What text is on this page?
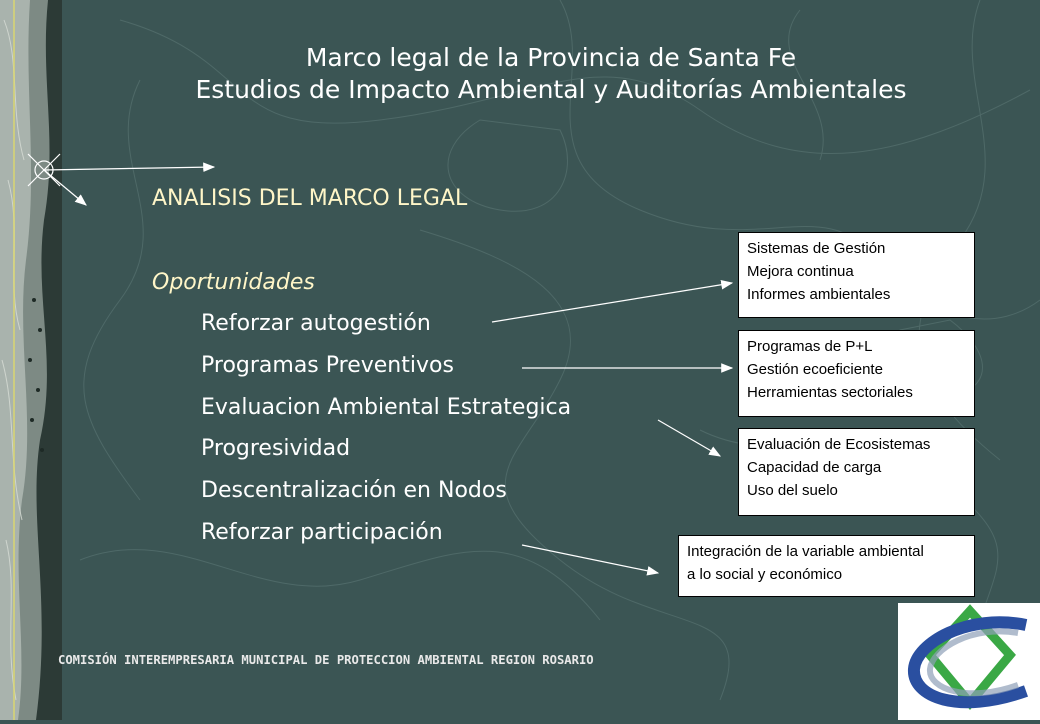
Marco legal de la Provincia de Santa Fe
Estudios de Impacto Ambiental y Auditorías Ambientales
ANALISIS DEL MARCO LEGAL
Oportunidades
Reforzar autogestión
Programas Preventivos
Evaluacion Ambiental Estrategica
Progresividad
Descentralización en Nodos
Reforzar participación
Sistemas de Gestión
Mejora continua
Informes ambientales
Programas de P+L
Gestión ecoeficiente
Herramientas sectoriales
Evaluación de Ecosistemas
Capacidad de carga
Uso del suelo
Integración de la variable ambiental
a lo social y económico
COMISIÓN INTEREMPRESARIA MUNICIPAL DE PROTECCION AMBIENTAL REGION ROSARIO
